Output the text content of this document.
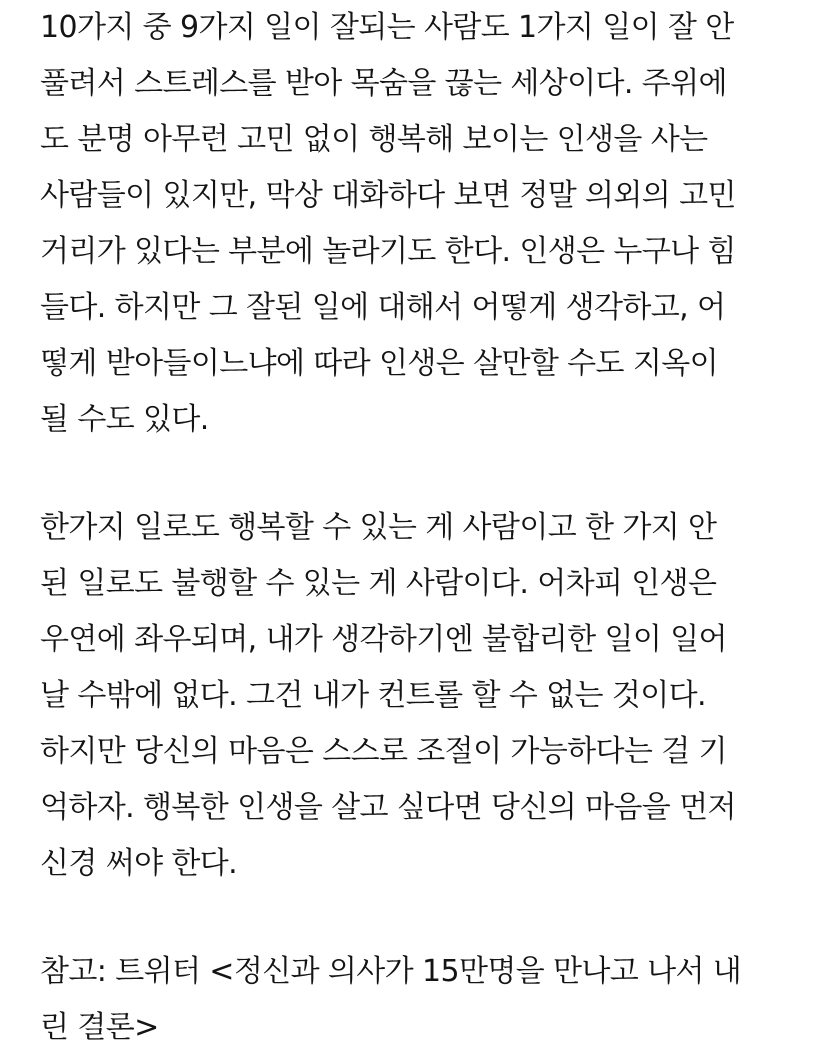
10가지 중 9가지 일이 잘되는 사람도 1가지 일이 잘 안
풀려서 스트레스를 받아 목숨을 끊는 세상이다. 주위에
도 분명 아무런 고민 없이 행복해 보이는 인생을 사는
사람들이 있지만, 막상 대화하다 보면 정말 의외의 고민
거리가 있다는 부분에 놀라기도 한다. 인생은 누구나 힘
들다. 하지만 그 잘된 일에 대해서 어떻게 생각하고, 어
떻게 받아들이느냐에 따라 인생은 살만할 수도 지옥이
될 수도 있다.

한가지 일로도 행복할 수 있는 게 사람이고 한 가지 안
된 일로도 불행할 수 있는 게 사람이다. 어차피 인생은
우연에 좌우되며, 내가 생각하기엔 불합리한 일이 일어
날 수밖에 없다. 그건 내가 컨트롤 할 수 없는 것이다.
하지만 당신의 마음은 스스로 조절이 가능하다는 걸 기
억하자. 행복한 인생을 살고 싶다면 당신의 마음을 먼저
신경 써야 한다.

참고: 트위터 <정신과 의사가 15만명을 만나고 나서 내
린 결론>
